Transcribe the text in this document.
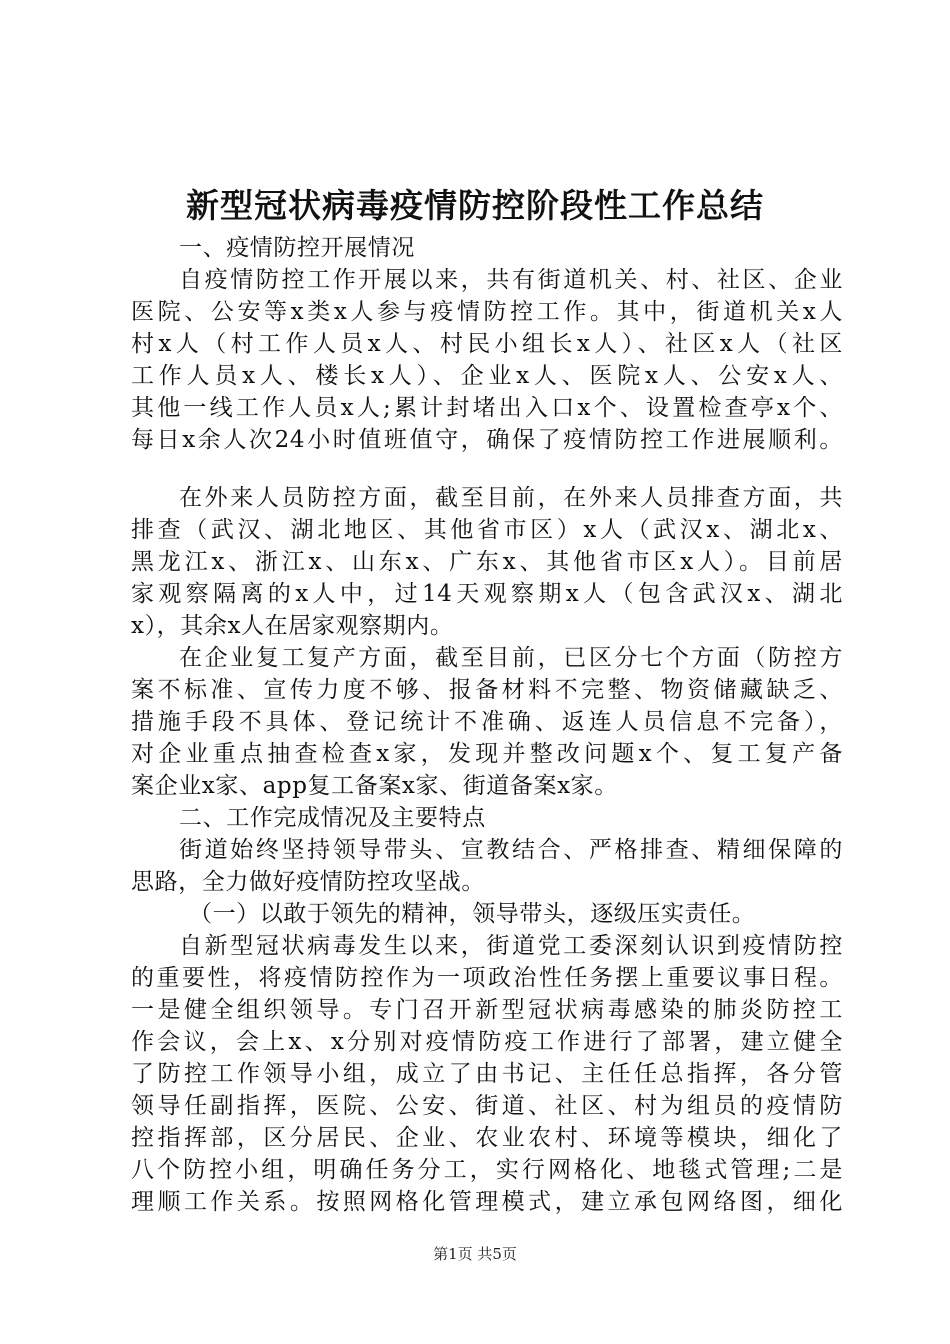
新型冠状病毒疫情防控阶段性工作总结
一、疫情防控开展情况
自疫情防控工作开展以来，共有街道机关、村、社区、企业
医院、公安等x类x人参与疫情防控工作。其中，街道机关x人
村x人（村工作人员x人、村民小组长x人）、社区x人（社区
工作人员x人、楼长x人）、企业x人、医院x人、公安x人、
其他一线工作人员x人;累计封堵出入口x个、设置检查亭x个、
每日x余人次24小时值班值守，确保了疫情防控工作进展顺利。
在外来人员防控方面，截至目前，在外来人员排查方面，共
排查（武汉、湖北地区、其他省市区）x人（武汉x、湖北x、
黑龙江x、浙江x、山东x、广东x、其他省市区x人）。目前居
家观察隔离的x人中，过14天观察期x人（包含武汉x、湖北
x），其余x人在居家观察期内。
在企业复工复产方面，截至目前，已区分七个方面（防控方
案不标准、宣传力度不够、报备材料不完整、物资储藏缺乏、
措施手段不具体、登记统计不准确、返连人员信息不完备），
对企业重点抽查检查x家，发现并整改问题x个、复工复产备
案企业x家、app复工备案x家、街道备案x家。
二、工作完成情况及主要特点
街道始终坚持领导带头、宣教结合、严格排查、精细保障的
思路，全力做好疫情防控攻坚战。
（一）以敢于领先的精神，领导带头，逐级压实责任。
自新型冠状病毒发生以来，街道党工委深刻认识到疫情防控
的重要性，将疫情防控作为一项政治性任务摆上重要议事日程。
一是健全组织领导。专门召开新型冠状病毒感染的肺炎防控工
作会议，会上x、x分别对疫情防疫工作进行了部署，建立健全
了防控工作领导小组，成立了由书记、主任任总指挥，各分管
领导任副指挥，医院、公安、街道、社区、村为组员的疫情防
控指挥部，区分居民、企业、农业农村、环境等模块，细化了
八个防控小组，明确任务分工，实行网格化、地毯式管理;二是
理顺工作关系。按照网格化管理模式，建立承包网络图，细化
第1页 共5页
